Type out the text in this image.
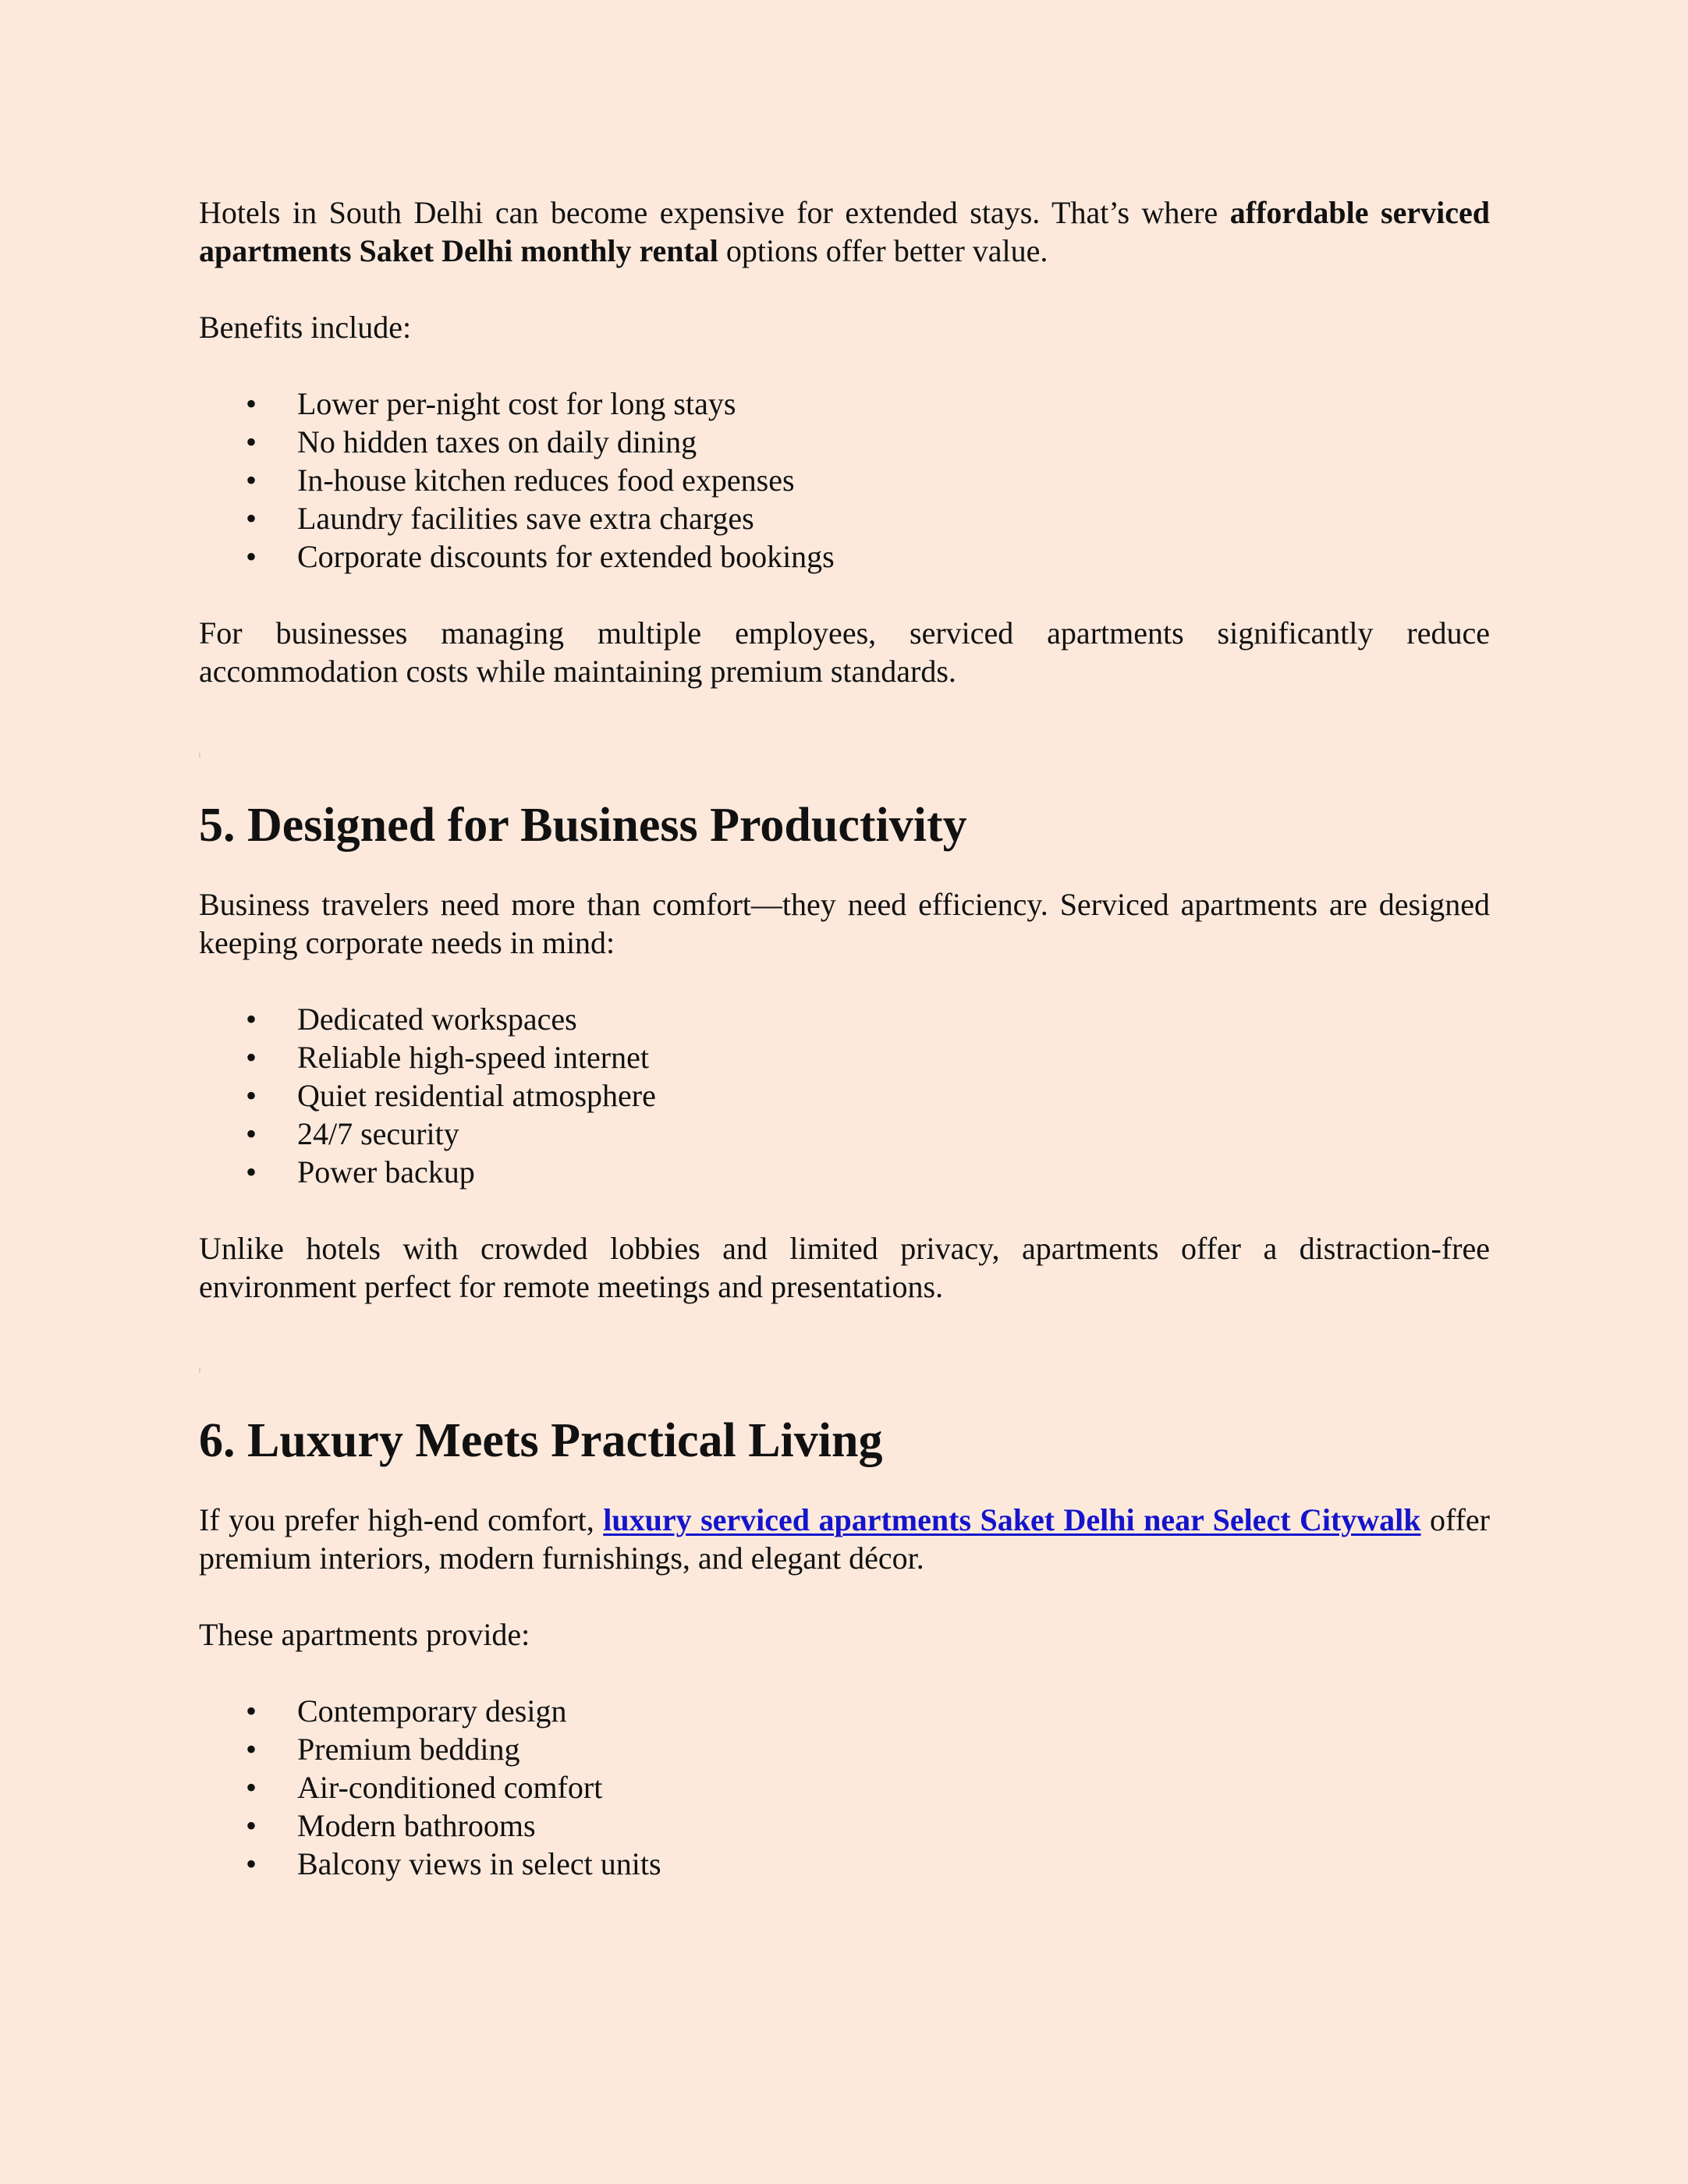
Hotels in South Delhi can become expensive for extended stays. That’s where affordable serviced apartments Saket Delhi monthly rental options offer better value.

Benefits include:

• Lower per-night cost for long stays
• No hidden taxes on daily dining
• In-house kitchen reduces food expenses
• Laundry facilities save extra charges
• Corporate discounts for extended bookings

For businesses managing multiple employees, serviced apartments significantly reduce accommodation costs while maintaining premium standards.

5. Designed for Business Productivity

Business travelers need more than comfort—they need efficiency. Serviced apartments are designed keeping corporate needs in mind:

• Dedicated workspaces
• Reliable high-speed internet
• Quiet residential atmosphere
• 24/7 security
• Power backup

Unlike hotels with crowded lobbies and limited privacy, apartments offer a distraction-free environment perfect for remote meetings and presentations.

6. Luxury Meets Practical Living

If you prefer high-end comfort, luxury serviced apartments Saket Delhi near Select Citywalk offer premium interiors, modern furnishings, and elegant décor.

These apartments provide:

• Contemporary design
• Premium bedding
• Air-conditioned comfort
• Modern bathrooms
• Balcony views in select units
